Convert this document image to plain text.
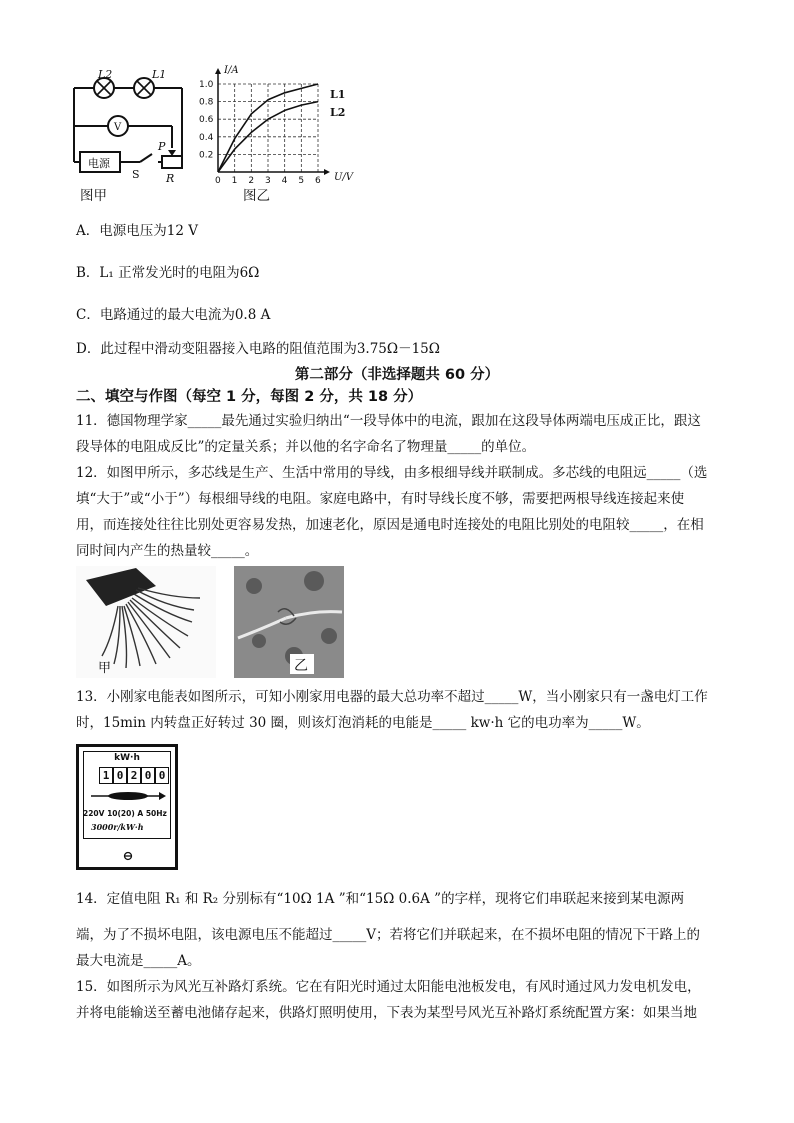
L2	L1
V
电源
S
P
R
图甲
1.0
0.8
0.6
0.4
0.2
0 1 2 3 4 5 6
I/A
U/V
L1
L2
图乙
A．电源电压为12 V
B．L₁ 正常发光时的电阻为6Ω
C．电路通过的最大电流为0.8 A
D．此过程中滑动变阻器接入电路的阻值范围为3.75Ω－15Ω
第二部分（非选择题共 60 分）
二、填空与作图（每空 1 分，每图 2 分，共 18 分）
11．德国物理学家_____最先通过实验归纳出“一段导体中的电流，跟加在这段导体两端电压成正比，跟这
段导体的电阻成反比”的定量关系；并以他的名字命名了物理量_____的单位。
12．如图甲所示，多芯线是生产、生活中常用的导线，由多根细导线并联制成。多芯线的电阻远_____（选
填“大于”或“小于”）每根细导线的电阻。家庭电路中，有时导线长度不够，需要把两根导线连接起来使
用，而连接处往往比别处更容易发热，加速老化，原因是通电时连接处的电阻比别处的电阻较_____，在相
同时间内产生的热量较_____。
甲	乙
13．小刚家电能表如图所示，可知小刚家用电器的最大总功率不超过_____W，当小刚家只有一盏电灯工作
时，15min 内转盘正好转过 30 圈，则该灯泡消耗的电能是_____ kw·h 它的电功率为_____W。
kW·h
1 0 2 0 0
220V 10(20) A 50Hz
3000r/kW·h
14．定值电阻 R₁ 和 R₂ 分别标有“10Ω 1A ”和“15Ω 0.6A ”的字样，现将它们串联起来接到某电源两
端，为了不损坏电阻，该电源电压不能超过_____V；若将它们并联起来，在不损坏电阻的情况下干路上的
最大电流是_____A。
15．如图所示为风光互补路灯系统。它在有阳光时通过太阳能电池板发电，有风时通过风力发电机发电，
并将电能输送至蓄电池储存起来，供路灯照明使用，下表为某型号风光互补路灯系统配置方案：如果当地
